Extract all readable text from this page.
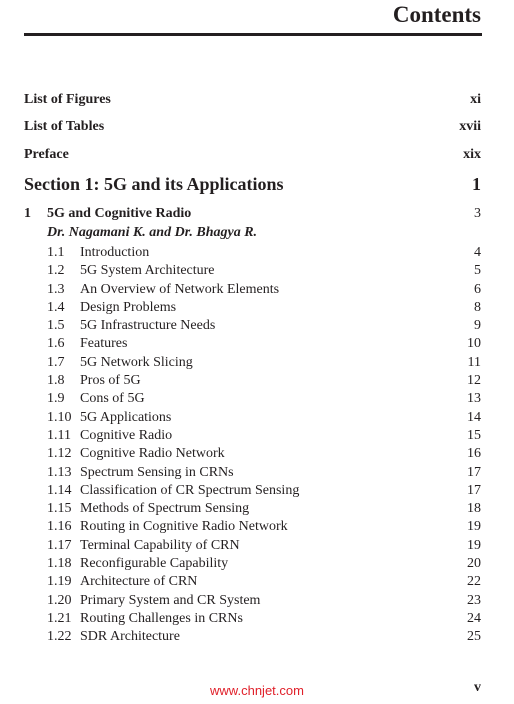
Contents
List of Figures	xi
List of Tables	xvii
Preface	xix
Section 1: 5G and its Applications	1
1 5G and Cognitive Radio	3
Dr. Nagamani K. and Dr. Bhagya R.
1.1 Introduction	4
1.2 5G System Architecture	5
1.3 An Overview of Network Elements	6
1.4 Design Problems	8
1.5 5G Infrastructure Needs	9
1.6 Features	10
1.7 5G Network Slicing	11
1.8 Pros of 5G	12
1.9 Cons of 5G	13
1.10 5G Applications	14
1.11 Cognitive Radio	15
1.12 Cognitive Radio Network	16
1.13 Spectrum Sensing in CRNs	17
1.14 Classification of CR Spectrum Sensing	17
1.15 Methods of Spectrum Sensing	18
1.16 Routing in Cognitive Radio Network	19
1.17 Terminal Capability of CRN	19
1.18 Reconfigurable Capability	20
1.19 Architecture of CRN	22
1.20 Primary System and CR System	23
1.21 Routing Challenges in CRNs	24
1.22 SDR Architecture	25
www.chnjet.com	v
